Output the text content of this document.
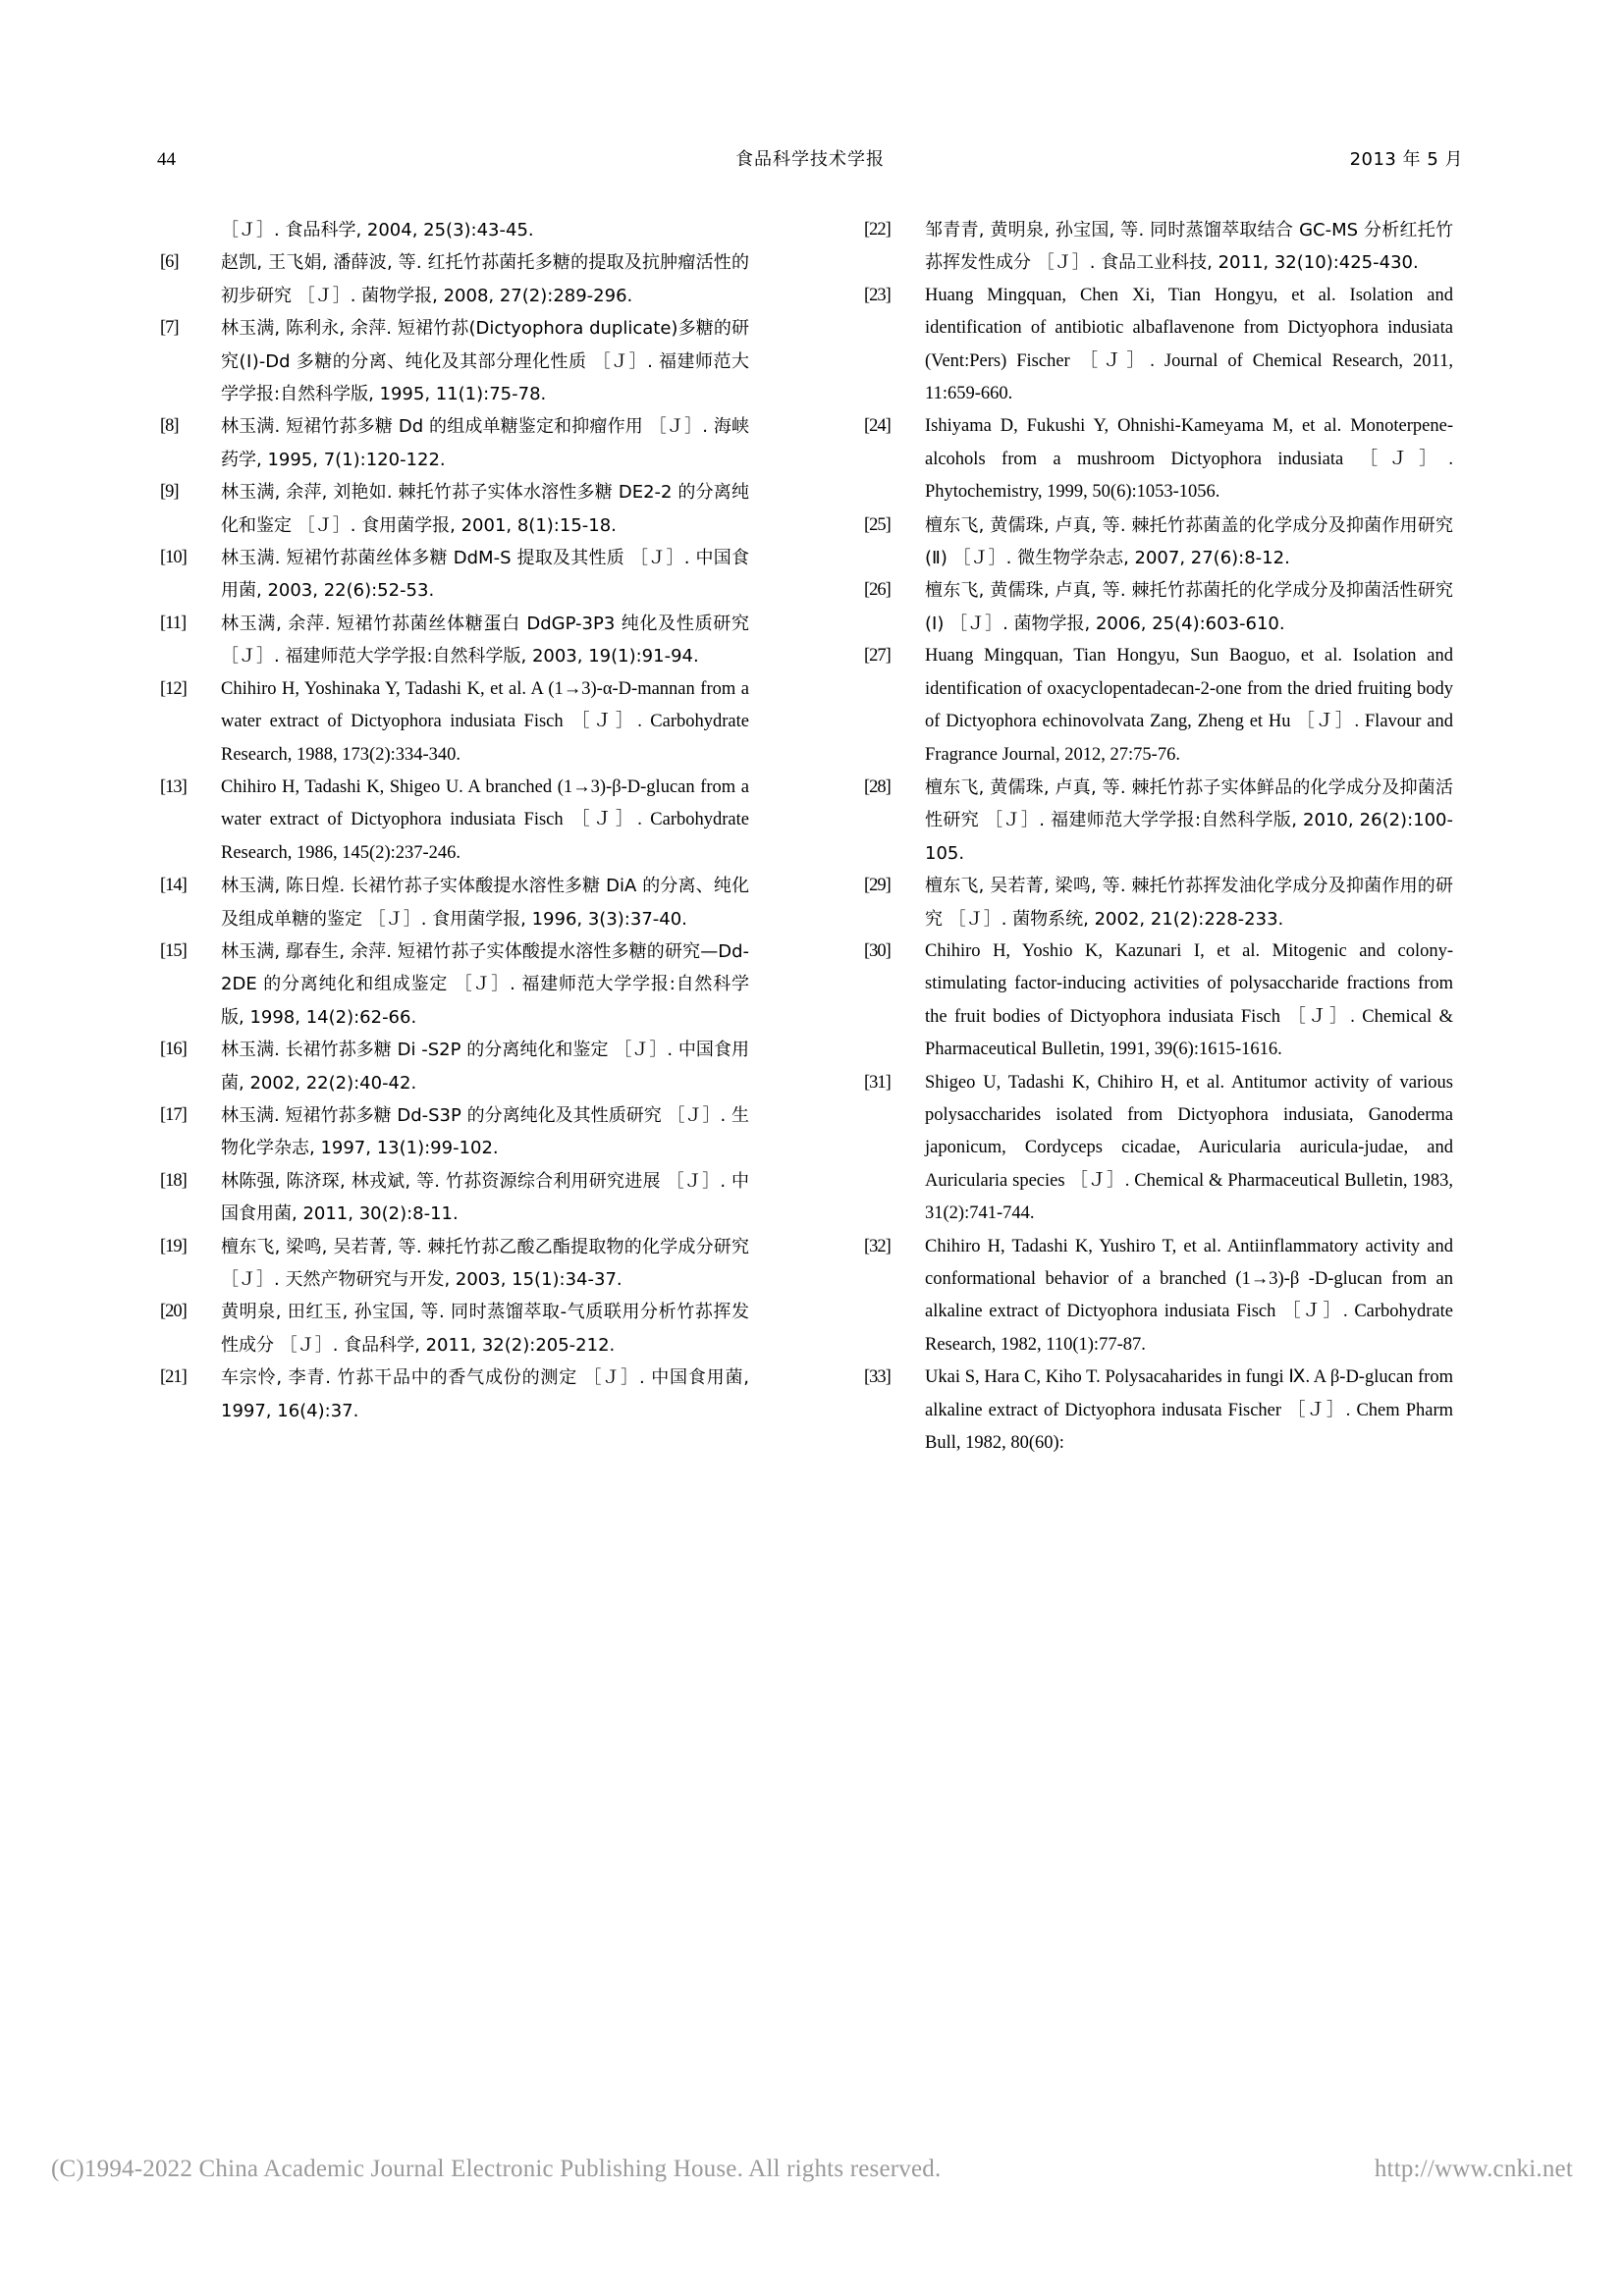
44	食品科学技术学报	2013 年 5 月
［Ｊ］. 食品科学, 2004, 25(3):43-45.
[6]	赵凯, 王飞娟, 潘薛波, 等. 红托竹荪菌托多糖的提取及抗肿瘤活性的初步研究 ［Ｊ］. 菌物学报, 2008, 27(2):289-296.
[7]	林玉满, 陈利永, 余萍. 短裙竹荪(Dictyophora duplicate)多糖的研究(Ⅰ)-Dd 多糖的分离、纯化及其部分理化性质 ［Ｊ］. 福建师范大学学报:自然科学版, 1995, 11(1):75-78.
[8]	林玉满. 短裙竹荪多糖 Dd 的组成单糖鉴定和抑瘤作用 ［Ｊ］. 海峡药学, 1995, 7(1):120-122.
[9]	林玉满, 余萍, 刘艳如. 棘托竹荪子实体水溶性多糖 DE2-2 的分离纯化和鉴定 ［Ｊ］. 食用菌学报, 2001, 8(1):15-18.
[10]	林玉满. 短裙竹荪菌丝体多糖 DdM-S 提取及其性质 ［Ｊ］. 中国食用菌, 2003, 22(6):52-53.
[11]	林玉满, 余萍. 短裙竹荪菌丝体糖蛋白 DdGP-3P3 纯化及性质研究 ［Ｊ］. 福建师范大学学报:自然科学版, 2003, 19(1):91-94.
[12]	Chihiro H, Yoshinaka Y, Tadashi K, et al. A (1→3)-α-D-mannan from a water extract of Dictyophora indusiata Fisch ［Ｊ］. Carbohydrate Research, 1988, 173(2):334-340.
[13]	Chihiro H, Tadashi K, Shigeo U. A branched (1→3)-β-D-glucan from a water extract of Dictyophora indusiata Fisch ［Ｊ］. Carbohydrate Research, 1986, 145(2):237-246.
[14]	林玉满, 陈日煌. 长裙竹荪子实体酸提水溶性多糖 DiA 的分离、纯化及组成单糖的鉴定 ［Ｊ］. 食用菌学报, 1996, 3(3):37-40.
[15]	林玉满, 鄢春生, 余萍. 短裙竹荪子实体酸提水溶性多糖的研究—Dd-2DE 的分离纯化和组成鉴定 ［Ｊ］. 福建师范大学学报:自然科学版, 1998, 14(2):62-66.
[16]	林玉满. 长裙竹荪多糖 Di -S2P 的分离纯化和鉴定 ［Ｊ］. 中国食用菌, 2002, 22(2):40-42.
[17]	林玉满. 短裙竹荪多糖 Dd-S3P 的分离纯化及其性质研究 ［Ｊ］. 生物化学杂志, 1997, 13(1):99-102.
[18]	林陈强, 陈济琛, 林戎斌, 等. 竹荪资源综合利用研究进展 ［Ｊ］. 中国食用菌, 2011, 30(2):8-11.
[19]	檀东飞, 梁鸣, 吴若菁, 等. 棘托竹荪乙酸乙酯提取物的化学成分研究 ［Ｊ］. 天然产物研究与开发, 2003, 15(1):34-37.
[20]	黄明泉, 田红玉, 孙宝国, 等. 同时蒸馏萃取-气质联用分析竹荪挥发性成分 ［Ｊ］. 食品科学, 2011, 32(2):205-212.
[21]	车宗怜, 李青. 竹荪干品中的香气成份的测定 ［Ｊ］. 中国食用菌, 1997, 16(4):37.
[22]	邹青青, 黄明泉, 孙宝国, 等. 同时蒸馏萃取结合 GC-MS 分析红托竹荪挥发性成分 ［Ｊ］. 食品工业科技, 2011, 32(10):425-430.
[23]	Huang Mingquan, Chen Xi, Tian Hongyu, et al. Isolation and identification of antibiotic albaflavenone from Dictyophora indusiata (Vent:Pers) Fischer ［Ｊ］. Journal of Chemical Research, 2011, 11:659-660.
[24]	Ishiyama D, Fukushi Y, Ohnishi-Kameyama M, et al. Monoterpene-alcohols from a mushroom Dictyophora indusiata ［Ｊ］. Phytochemistry, 1999, 50(6):1053-1056.
[25]	檀东飞, 黄儒珠, 卢真, 等. 棘托竹荪菌盖的化学成分及抑菌作用研究(Ⅱ) ［Ｊ］. 微生物学杂志, 2007, 27(6):8-12.
[26]	檀东飞, 黄儒珠, 卢真, 等. 棘托竹荪菌托的化学成分及抑菌活性研究(Ⅰ) ［Ｊ］. 菌物学报, 2006, 25(4):603-610.
[27]	Huang Mingquan, Tian Hongyu, Sun Baoguo, et al. Isolation and identification of oxacyclopentadecan-2-one from the dried fruiting body of Dictyophora echinovolvata Zang, Zheng et Hu ［Ｊ］. Flavour and Fragrance Journal, 2012, 27:75-76.
[28]	檀东飞, 黄儒珠, 卢真, 等. 棘托竹荪子实体鲜品的化学成分及抑菌活性研究 ［Ｊ］. 福建师范大学学报:自然科学版, 2010, 26(2):100-105.
[29]	檀东飞, 吴若菁, 梁鸣, 等. 棘托竹荪挥发油化学成分及抑菌作用的研究 ［Ｊ］. 菌物系统, 2002, 21(2):228-233.
[30]	Chihiro H, Yoshio K, Kazunari I, et al. Mitogenic and colony-stimulating factor-inducing activities of polysaccharide fractions from the fruit bodies of Dictyophora indusiata Fisch ［Ｊ］. Chemical & Pharmaceutical Bulletin, 1991, 39(6):1615-1616.
[31]	Shigeo U, Tadashi K, Chihiro H, et al. Antitumor activity of various polysaccharides isolated from Dictyophora indusiata, Ganoderma japonicum, Cordyceps cicadae, Auricularia auricula-judae, and Auricularia species ［Ｊ］. Chemical & Pharmaceutical Bulletin, 1983, 31(2):741-744.
[32]	Chihiro H, Tadashi K, Yushiro T, et al. Antiinflammatory activity and conformational behavior of a branched (1→3)-β -D-glucan from an alkaline extract of Dictyophora indusiata Fisch ［Ｊ］. Carbohydrate Research, 1982, 110(1):77-87.
[33]	Ukai S, Hara C, Kiho T. Polysacaharides in fungi Ⅸ. A β-D-glucan from alkaline extract of Dictyophora indusata Fischer ［Ｊ］. Chem Pharm Bull, 1982, 80(60):
(C)1994-2022 China Academic Journal Electronic Publishing House. All rights reserved.	http://www.cnki.net
